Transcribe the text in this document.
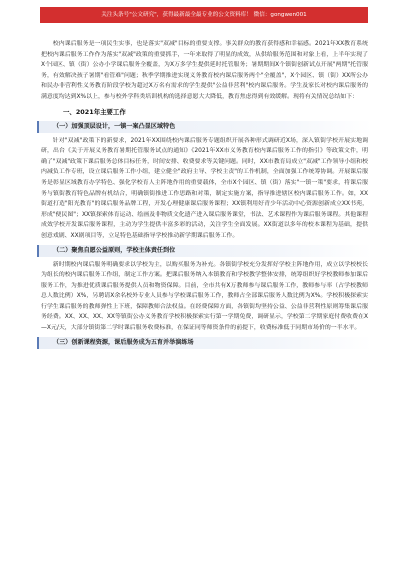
关注头条号"公文研究"，获得最新最全最专业的公文资料库！ 微信：gongwen001

校内课后服务是一项民生实事，也是落实"双减"目标的重要支撑。事关群众的教育获得感和幸福感。2021年XX教育系统把校内课后服务工作作为落实"双减"政策的重要抓手，一年来取得了明显的成效，从供给服务范围和对象上看，上半年实现了X个园区、镇（街）公办小学课后服务全覆盖，为X万多学生提供延时托管服务；暑期期间X个镇街创新试点开展"两期"托管服务，有效解决孩子暑期"看管难"问题；秋季学期推进实现义务教育校内课后服务两个"全覆盖"，X个园区、镇（街）XX所公办和民办非营利性义务教育阶段学校为超过X万名有需求的学生提供"公益非营利"校内课后服务。学生及家长对校内课后服务的满意度均达到X%以上，参与校外学科类培训机构的选择意愿大大降低，教育焦虑得到有效缓解。现将有关情况总结如下：

一、2021年主要工作
（一）加强顶层设计，一镇一案凸显区域特色

针对"双减"政策下的新要求，2021年XX围绕校内课后服务专题组织开展各种形式调研近X场，深入镇街学校开展实地调研，出台《关于开展义务教育暑期托管服务试点的通知》《2021年XX市义务教育校内课后服务工作的指引》等政策文件，明确了"双减"政策下课后服务总体目标任务，时间安排、收费要求等关键问题。同时，XX市教育局成立"双减"工作领导小组和校内减负工作专班，设立课后服务工作小组，建立健全"政府主导、学校主责"的工作机制，全面加强工作统筹协调。开展课后服务是彰显区域教育办学特色、强化学校育人主阵地作用的重要载体，全市X个园区、镇（街）落实"一镇一策"要求，将课后服务与镇街教育特色品牌有机结合，明确镇街推进工作思路和对策，制定实施方案，指导推进辖区校内课后服务工作。如，XX街道打造"阳光教育"的课后服务品牌工程，开发心理健康课后服务课程；XX镇利用好青少年活动中心资源创新成立XX书苑，形成"便民图"；XX镇探索体育运动、绘画及非物质文化遗产进入课后服务课堂，书法、艺术课程作为课后服务课程。其他课程成效学校开发课后服务课程，主动为学生提供丰富多彩的活动，关注学生全面发展。XX街道以多年的校本课程为基础，提供创意戏剧、XX剧项目等，立足特色基础指导学校推动新学期课后服务工作。

（二）聚焦自愿公益原则，学校主体责任到位

新时期校内课后服务明确要求以学校为主，以购买服务为补充。各镇街学校充分发挥好学校主阵地作用，成立以学校校长为组长的校内课后服务工作组，制定工作方案。把课后服务纳入本镇教育和学校教学整体安排，统筹组织好学校教师参加课后服务工作，为推进优质课后服务提供人员和物资保障。目前，全市共有X万教师参与课后服务工作，教师参与率（占学校教师总人数比例）X%，另聘请X余名校外专业人员参与学校课后服务工作，教师占全部课后服务人数比例为X%。学校积极探索实行学生课后服务的教师弹性上下班，保障教师合法权益。在经费保障方面，各镇街均坚持公益、公益非营利性原则筹集课后服务经费。XX、XX、XX、XX等镇街公办义务教育学校积极探索实行第一学期免费，调研显示，学校第二学期家庭付费收费在X—X元/天，大部分镇街第二学时课后服务收费标准，在保证同等师资条件的前提下，收费标准低于同期市场价的一半水平。

（三）创新课程资源，课后服务成为五育并举演练场
